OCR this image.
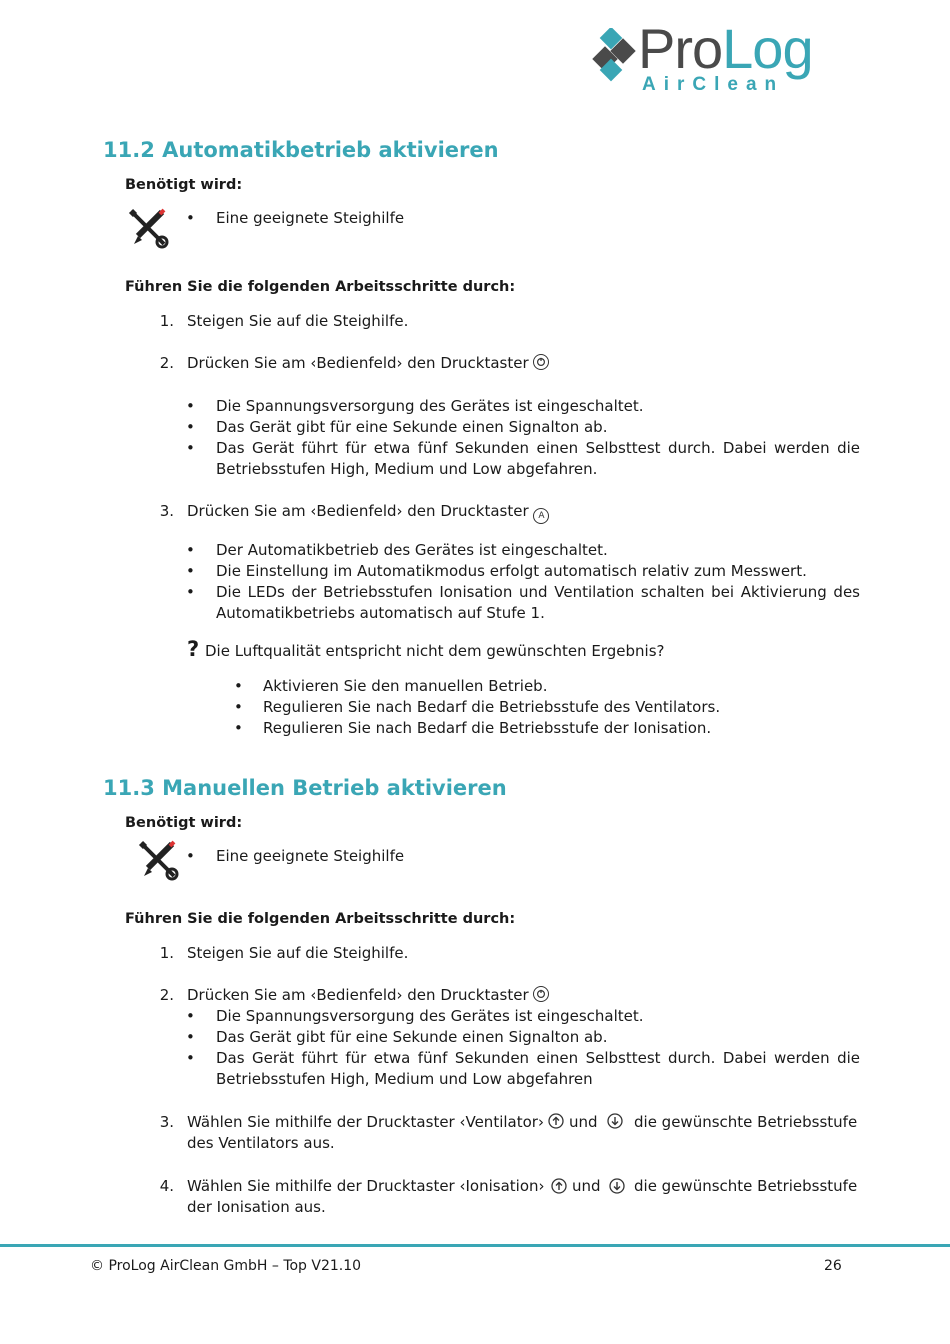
ProLog
AirClean
11.2 Automatikbetrieb aktivieren
Benötigt wird:
• Eine geeignete Steighilfe
Führen Sie die folgenden Arbeitsschritte durch:
1. Steigen Sie auf die Steighilfe.
2. Drücken Sie am ‹Bedienfeld› den Drucktaster
• Die Spannungsversorgung des Gerätes ist eingeschaltet.
• Das Gerät gibt für eine Sekunde einen Signalton ab.
• Das Gerät führt für etwa fünf Sekunden einen Selbsttest durch. Dabei werden die Betriebsstufen High, Medium und Low abgefahren.
3. Drücken Sie am ‹Bedienfeld› den Drucktaster A
• Der Automatikbetrieb des Gerätes ist eingeschaltet.
• Die Einstellung im Automatikmodus erfolgt automatisch relativ zum Messwert.
• Die LEDs der Betriebsstufen Ionisation und Ventilation schalten bei Aktivierung des Automatikbetriebs automatisch auf Stufe 1.
? Die Luftqualität entspricht nicht dem gewünschten Ergebnis?
• Aktivieren Sie den manuellen Betrieb.
• Regulieren Sie nach Bedarf die Betriebsstufe des Ventilators.
• Regulieren Sie nach Bedarf die Betriebsstufe der Ionisation.
11.3 Manuellen Betrieb aktivieren
Benötigt wird:
• Eine geeignete Steighilfe
Führen Sie die folgenden Arbeitsschritte durch:
1. Steigen Sie auf die Steighilfe.
2. Drücken Sie am ‹Bedienfeld› den Drucktaster
• Die Spannungsversorgung des Gerätes ist eingeschaltet.
• Das Gerät gibt für eine Sekunde einen Signalton ab.
• Das Gerät führt für etwa fünf Sekunden einen Selbsttest durch. Dabei werden die Betriebsstufen High, Medium und Low abgefahren
3. Wählen Sie mithilfe der Drucktaster ‹Ventilator› und die gewünschte Betriebsstufe
des Ventilators aus.
4. Wählen Sie mithilfe der Drucktaster ‹Ionisation› und die gewünschte Betriebsstufe
der Ionisation aus.
© ProLog AirClean GmbH – Top V21.10	26
